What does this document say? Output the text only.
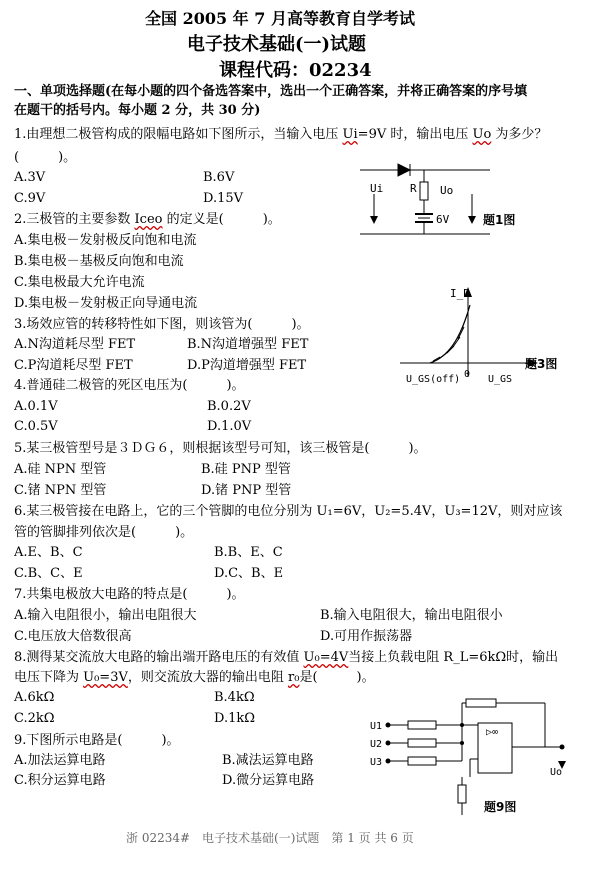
全国 2005 年 7 月高等教育自学考试
电子技术基础(一)试题
课程代码：02234
一、单项选择题(在每小题的四个备选答案中，选出一个正确答案，并将正确答案的序号填
在题干的括号内。每小题 2 分，共 30 分)
1.由理想二极管构成的限幅电路如下图所示，当输入电压 Ui=9V 时，输出电压 Uo 为多少？
(　　　)。
A.3V	B.6V
C.9V	D.15V
2.三极管的主要参数 Iceo 的定义是(　　　)。
A.集电极－发射极反向饱和电流
B.集电极－基极反向饱和电流
C.集电极最大允许电流
D.集电极－发射极正向导通电流
3.场效应管的转移特性如下图，则该管为(　　　)。
A.N沟道耗尽型 FET	B.N沟道增强型 FET
C.P沟道耗尽型 FET	D.P沟道增强型 FET
4.普通硅二极管的死区电压为(　　　)。
A.0.1V	B.0.2V
C.0.5V	D.1.0V
5.某三极管型号是３ＤＧ６，则根据该型号可知，该三极管是(　　　)。
A.硅 NPN 型管	B.硅 PNP 型管
C.锗 NPN 型管	D.锗 PNP 型管
6.某三极管接在电路上，它的三个管脚的电位分别为 U₁=6V，U₂=5.4V，U₃=12V，则对应该
管的管脚排列依次是(　　　)。
A.E、B、C	B.B、E、C
C.B、C、E	D.C、B、E
7.共集电极放大电路的特点是(　　　)。
A.输入电阻很小，输出电阻很大	B.输入电阻很大，输出电阻很小
C.电压放大倍数很高	D.可用作振荡器
8.测得某交流放大电路的输出端开路电压的有效值 U₀=4V当接上负载电阻 R_L=6kΩ时，输出
电压下降为 U₀=3V，则交流放大器的输出电阻 r₀是(　　　)。
A.6kΩ	B.4kΩ
C.2kΩ	D.1kΩ
9.下图所示电路是(　　　)。
A.加法运算电路	B.减法运算电路
C.积分运算电路	D.微分运算电路
Ui R Uo
6V	题1图
I_D
U_GS(off) 0 U_GS
题3图
▷∞
U1
U2
U3
Uo
题9图
浙 02234#　电子技术基础(一)试题　第 1 页 共 6 页
